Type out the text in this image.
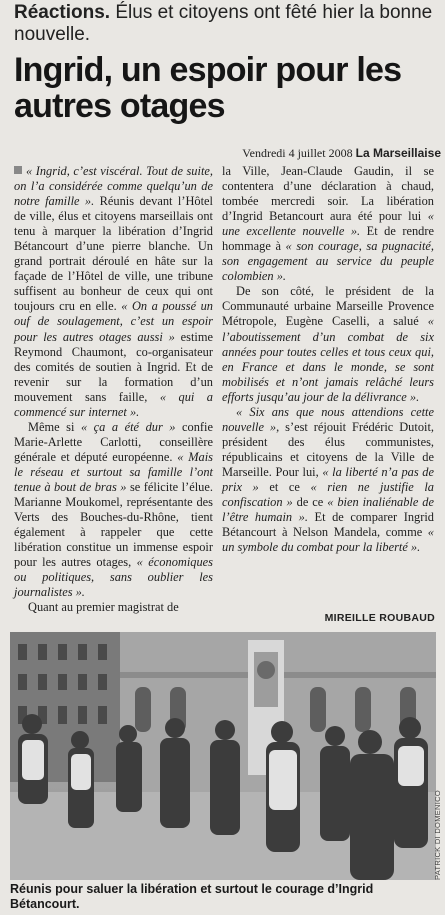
Réactions. Élus et citoyens ont fêté hier la bonne nouvelle.
Ingrid, un espoir pour les autres otages
Vendredi 4 juillet 2008 La Marseillaise

« Ingrid, c’est viscéral. Tout de suite, on l’a considérée comme quelqu’un de notre famille ». Réunis devant l’Hôtel de ville, élus et citoyens marseillais ont tenu à marquer la libération d’Ingrid Bétancourt d’une pierre blanche. Un grand portrait déroulé en hâte sur la façade de l’Hôtel de ville, une tribune suffisent au bonheur de ceux qui ont toujours cru en elle. « On a poussé un ouf de soulagement, c’est un espoir pour les autres otages aussi » estime Reymond Chaumont, co-organisateur des comités de soutien à Ingrid. Et de revenir sur la formation d’un mouvement sans faille, « qui a commencé sur internet ».

Même si « ça a été dur » confie Marie-Arlette Carlotti, conseillère générale et député européenne. « Mais le réseau et surtout sa famille l’ont tenue à bout de bras » se félicite l’élue. Marianne Moukomel, représentante des Verts des Bouches-du-Rhône, tient également à rappeler que cette libération constitue un immense espoir pour les autres otages, « économiques ou politiques, sans oublier les journalistes ».

Quant au premier magistrat de

la Ville, Jean-Claude Gaudin, il se contentera d’une déclaration à chaud, tombée mercredi soir. La libération d’Ingrid Betancourt aura été pour lui « une excellente nouvelle ». Et de rendre hommage à « son courage, sa pugnacité, son engagement au service du peuple colombien ».

De son côté, le président de la Communauté urbaine Marseille Provence Métropole, Eugène Caselli, a salué « l’aboutissement d’un combat de six années pour toutes celles et tous ceux qui, en France et dans le monde, se sont mobilisés et n’ont jamais relâché leurs efforts jusqu’au jour de la délivrance ».

« Six ans que nous attendions cette nouvelle », s’est réjouit Frédéric Dutoit, président des élus communistes, républicains et citoyens de la Ville de Marseille. Pour lui, « la liberté n’a pas de prix » et ce « rien ne justifie la confiscation » de ce « bien inaliénable de l’être humain ». Et de comparer Ingrid Bétancourt à Nelson Mandela, comme « un symbole du combat pour la liberté ».

MIREILLE ROUBAUD
PATRICK DI DOMENICO
Réunis pour saluer la libération et surtout le courage d’Ingrid Bétancourt.
